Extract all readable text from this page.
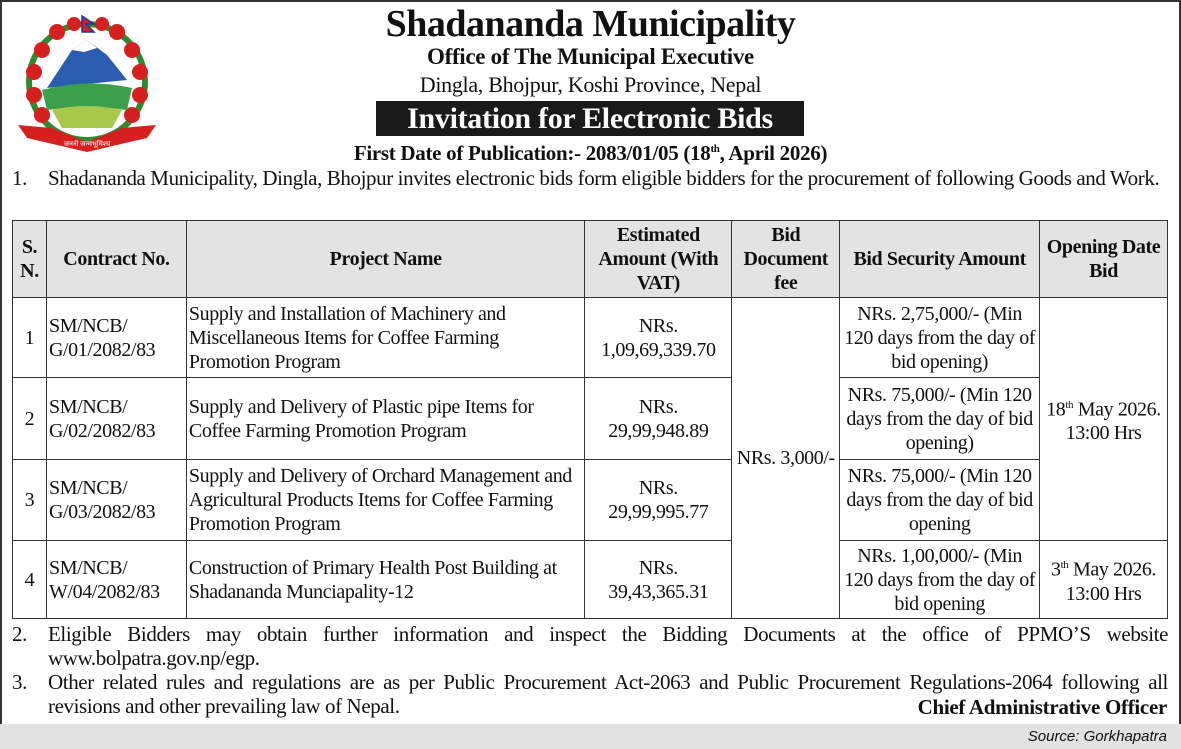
जननी जन्मभूमिश्च
Shadananda Municipality
Office of The Municipal Executive
Dingla, Bhojpur, Koshi Province, Nepal
Invitation for Electronic Bids
First Date of Publication:- 2083/01/05 (18th, April 2026)
1.	Shadananda Municipality, Dingla, Bhojpur invites electronic bids form eligible bidders for the procurement of following Goods and Work.
S. N.	Contract No.	Project Name	Estimated Amount (With VAT)	Bid Document fee	Bid Security Amount	Opening Date Bid
1	SM/NCB/ G/01/2082/83	Supply and Installation of Machinery and Miscellaneous Items for Coffee Farming Promotion Program	NRs. 1,09,69,339.70	NRs. 3,000/-	NRs. 2,75,000/- (Min 120 days from the day of bid opening)	18th May 2026. 13:00 Hrs
2	SM/NCB/ G/02/2082/83	Supply and Delivery of Plastic pipe Items for Coffee Farming Promotion Program	NRs. 29,99,948.89		NRs. 75,000/- (Min 120 days from the day of bid opening)	
3	SM/NCB/ G/03/2082/83	Supply and Delivery of Orchard Management and Agricultural Products Items for Coffee Farming Promotion Program	NRs. 29,99,995.77		NRs. 75,000/- (Min 120 days from the day of bid opening	
4	SM/NCB/ W/04/2082/83	Construction of Primary Health Post Building at Shadananda Munciapality-12	NRs. 39,43,365.31		NRs. 1,00,000/- (Min 120 days from the day of bid opening	3th May 2026. 13:00 Hrs
2.	Eligible Bidders may obtain further information and inspect the Bidding Documents at the office of PPMO’S website www.bolpatra.gov.np/egp.
3.	Other related rules and regulations are as per Public Procurement Act-2063 and Public Procurement Regulations-2064 following all revisions and other prevailing law of Nepal.	Chief Administrative Officer
Source: Gorkhapatra
